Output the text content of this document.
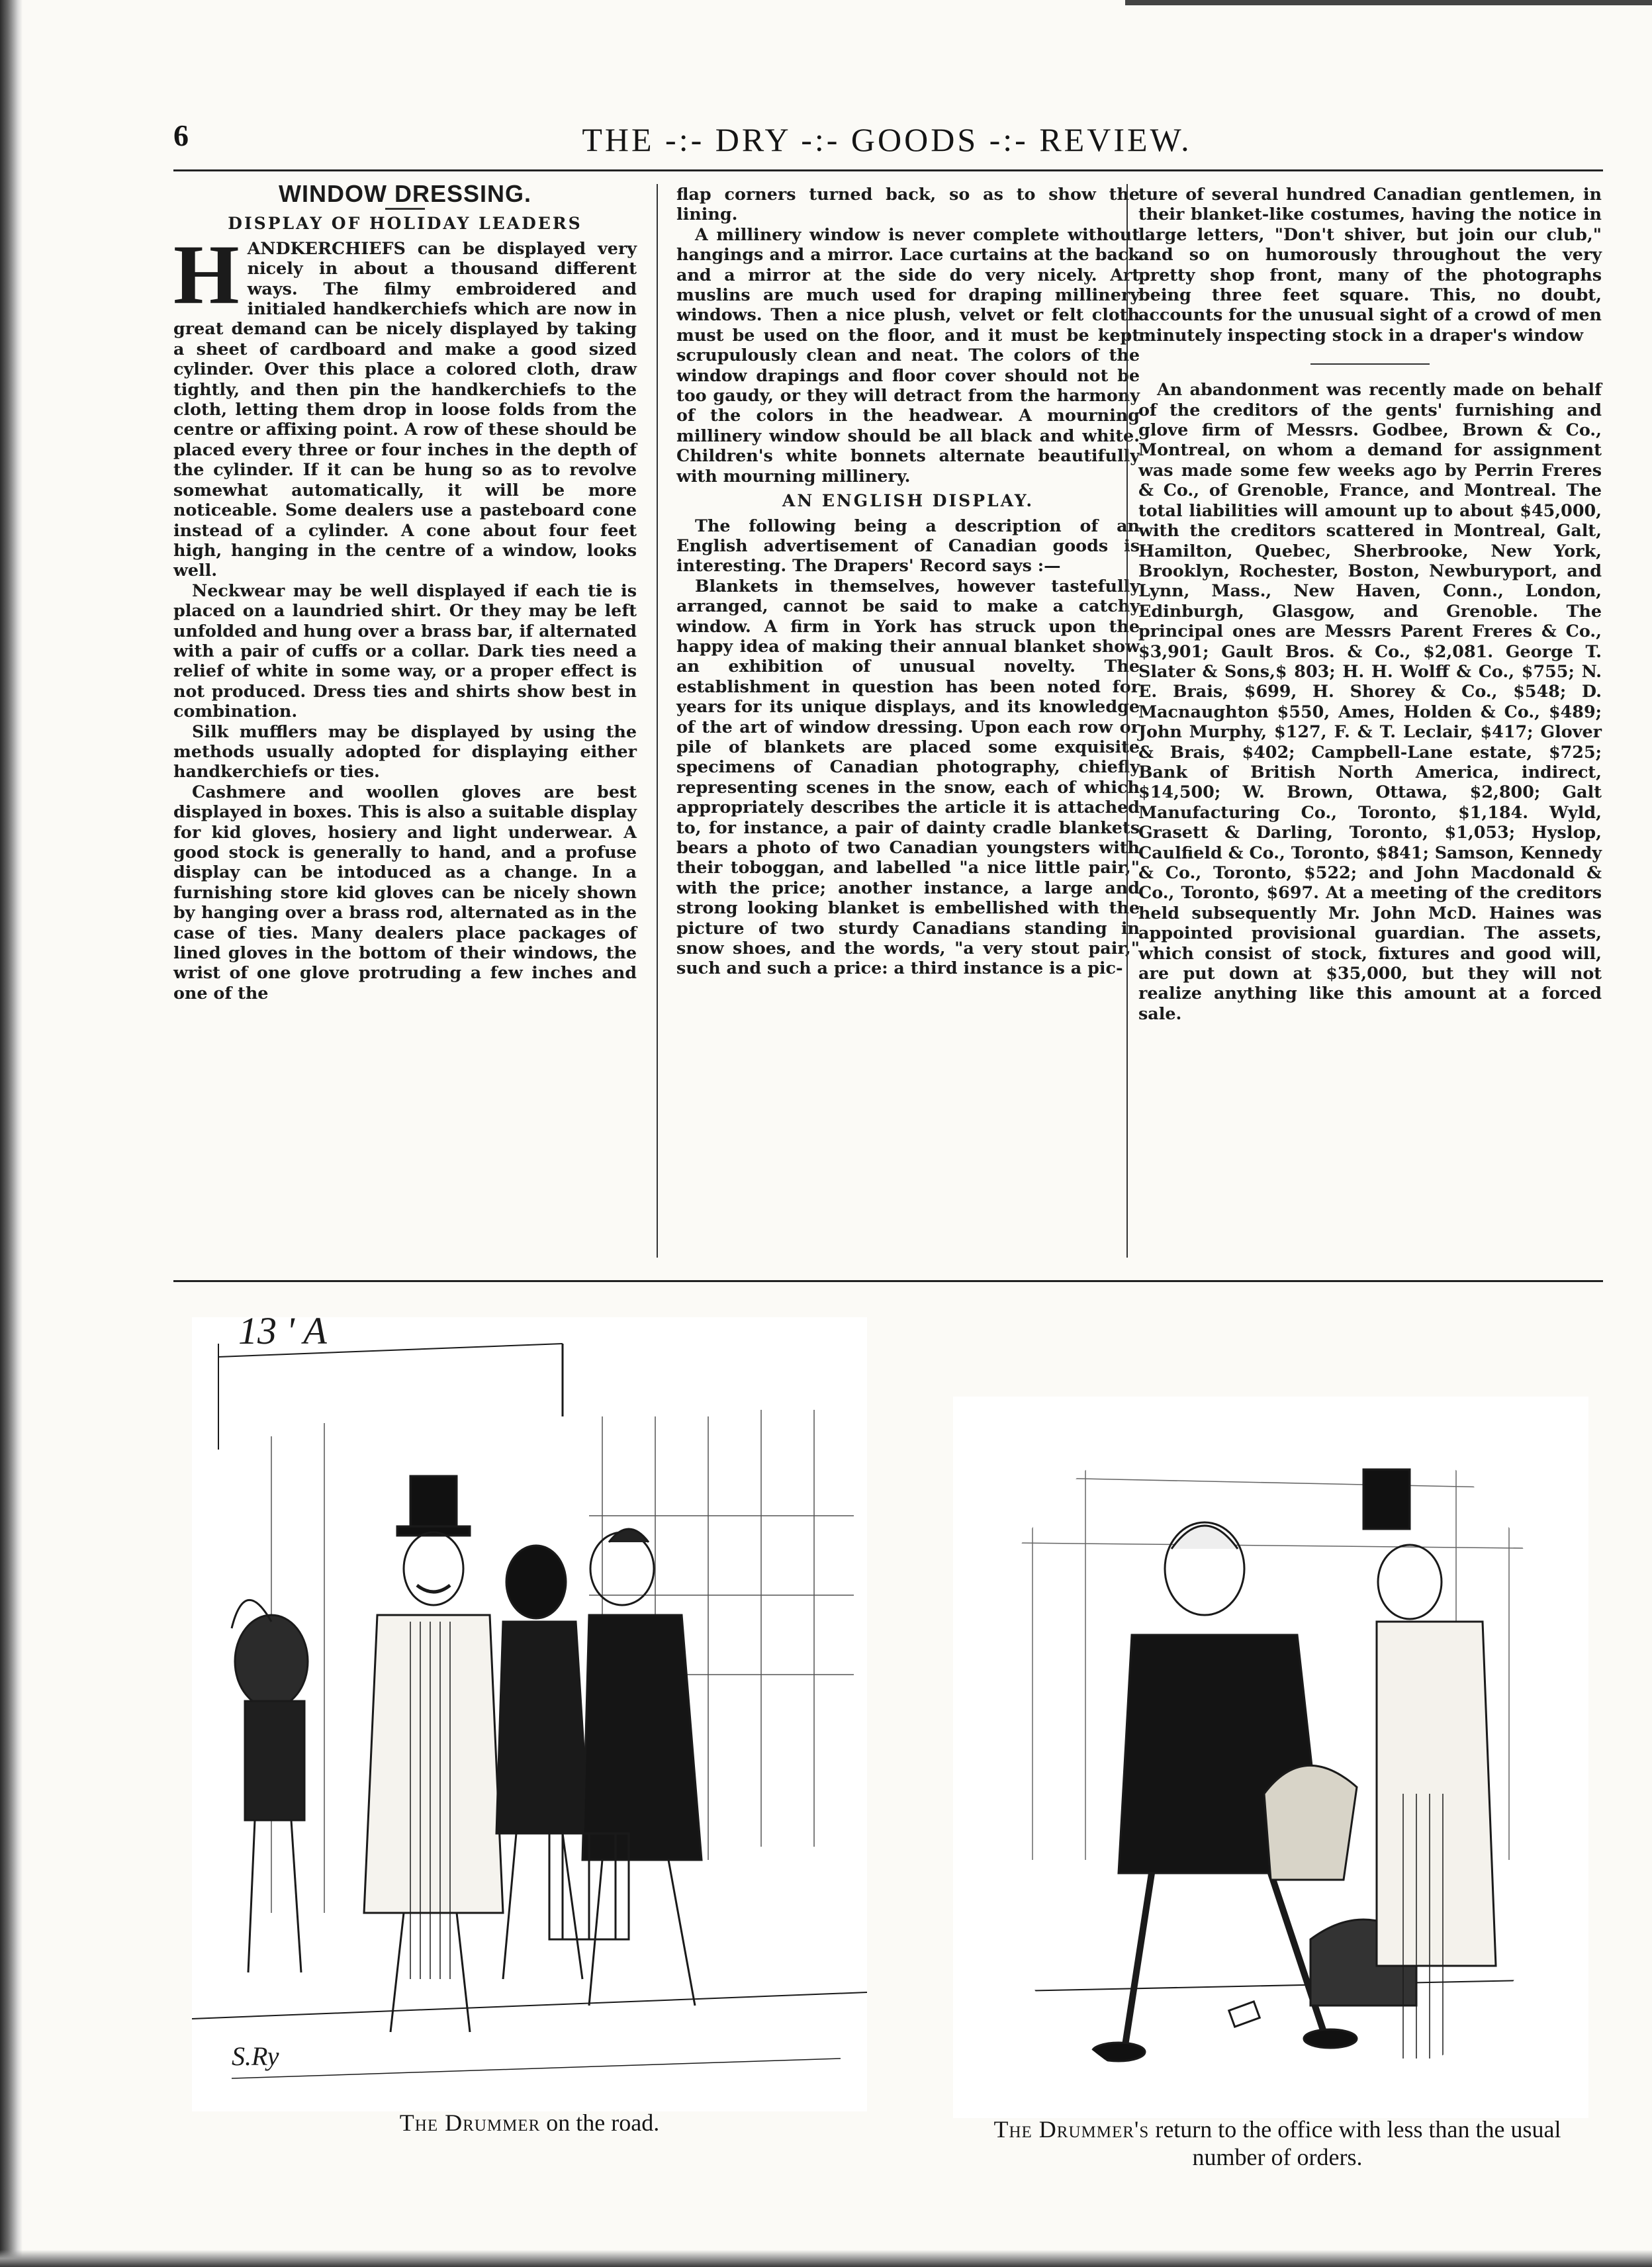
6	THE -:- DRY -:- GOODS -:- REVIEW.
WINDOW DRESSING.
DISPLAY OF HOLIDAY LEADERS

HANDKERCHIEFS can be displayed very nicely in about a thousand different ways. The filmy embroidered and initialed handkerchiefs which are now in great demand can be nicely displayed by taking a sheet of cardboard and make a good sized cylinder. Over this place a colored cloth, draw tightly, and then pin the handkerchiefs to the cloth, letting them drop in loose folds from the centre or affixing point. A row of these should be placed every three or four inches in the depth of the cylinder. If it can be hung so as to revolve somewhat automatically, it will be more noticeable. Some dealers use a pasteboard cone instead of a cylinder. A cone about four feet high, hanging in the centre of a window, looks well.

Neckwear may be well displayed if each tie is placed on a laundried shirt. Or they may be left unfolded and hung over a brass bar, if alternated with a pair of cuffs or a collar. Dark ties need a relief of white in some way, or a proper effect is not produced. Dress ties and shirts show best in combination.

Silk mufflers may be displayed by using the methods usually adopted for displaying either handkerchiefs or ties.

Cashmere and woollen gloves are best displayed in boxes. This is also a suitable display for kid gloves, hosiery and light underwear. A good stock is generally to hand, and a profuse display can be intoduced as a change. In a furnishing store kid gloves can be nicely shown by hanging over a brass rod, alternated as in the case of ties. Many dealers place packages of lined gloves in the bottom of their windows, the wrist of one glove protruding a few inches and one of the

flap corners turned back, so as to show the lining.

A millinery window is never complete without hangings and a mirror. Lace curtains at the back and a mirror at the side do very nicely. Art muslins are much used for draping millinery windows. Then a nice plush, velvet or felt cloth must be used on the floor, and it must be kept scrupulously clean and neat. The colors of the window drapings and floor cover should not be too gaudy, or they will detract from the harmony of the colors in the headwear. A mourning millinery window should be all black and white. Children's white bonnets alternate beautifully with mourning millinery.

AN ENGLISH DISPLAY.

The following being a description of an English advertisement of Canadian goods is interesting. The Drapers' Record says :—

Blankets in themselves, however tastefully arranged, cannot be said to make a catchy window. A firm in York has struck upon the happy idea of making their annual blanket show an exhibition of unusual novelty. The establishment in question has been noted for years for its unique displays, and its knowledge of the art of window dressing. Upon each row or pile of blankets are placed some exquisite specimens of Canadian photography, chiefly representing scenes in the snow, each of which appropriately describes the article it is attached to, for instance, a pair of dainty cradle blankets bears a photo of two Canadian youngsters with their toboggan, and labelled "a nice little pair," with the price; another instance, a large and strong looking blanket is embellished with the picture of two sturdy Canadians standing in snow shoes, and the words, "a very stout pair," such and such a price: a third instance is a pic-

ture of several hundred Canadian gentlemen, in their blanket-like costumes, having the notice in large letters, "Don't shiver, but join our club," and so on humorously throughout the very pretty shop front, many of the photographs being three feet square. This, no doubt, accounts for the unusual sight of a crowd of men minutely inspecting stock in a draper's window

An abandonment was recently made on behalf of the creditors of the gents' furnishing and glove firm of Messrs. Godbee, Brown & Co., Montreal, on whom a demand for assignment was made some few weeks ago by Perrin Freres & Co., of Grenoble, France, and Montreal. The total liabilities will amount up to about $45,000, with the creditors scattered in Montreal, Galt, Hamilton, Quebec, Sherbrooke, New York, Brooklyn, Rochester, Boston, Newburyport, and Lynn, Mass., New Haven, Conn., London, Edinburgh, Glasgow, and Grenoble. The principal ones are Messrs Parent Freres & Co., $3,901; Gault Bros. & Co., $2,081. George T. Slater & Sons,$ 803; H. H. Wolff & Co., $755; N. E. Brais, $699, H. Shorey & Co., $548; D. Macnaughton $550, Ames, Holden & Co., $489; John Murphy, $127, F. & T. Leclair, $417; Glover & Brais, $402; Campbell-Lane estate, $725; Bank of British North America, indirect, $14,500; W. Brown, Ottawa, $2,800; Galt Manufacturing Co., Toronto, $1,184. Wyld, Grasett & Darling, Toronto, $1,053; Hyslop, Caulfield & Co., Toronto, $841; Samson, Kennedy & Co., Toronto, $522; and John Macdonald & Co., Toronto, $697. At a meeting of the creditors held subsequently Mr. John McD. Haines was appointed provisional guardian. The assets, which consist of stock, fixtures and good will, are put down at $35,000, but they will not realize anything like this amount at a forced sale.

13 ' A
S.Ry
The Drummer on the road.	The Drummer's return to the office with less than the usual number of orders.
